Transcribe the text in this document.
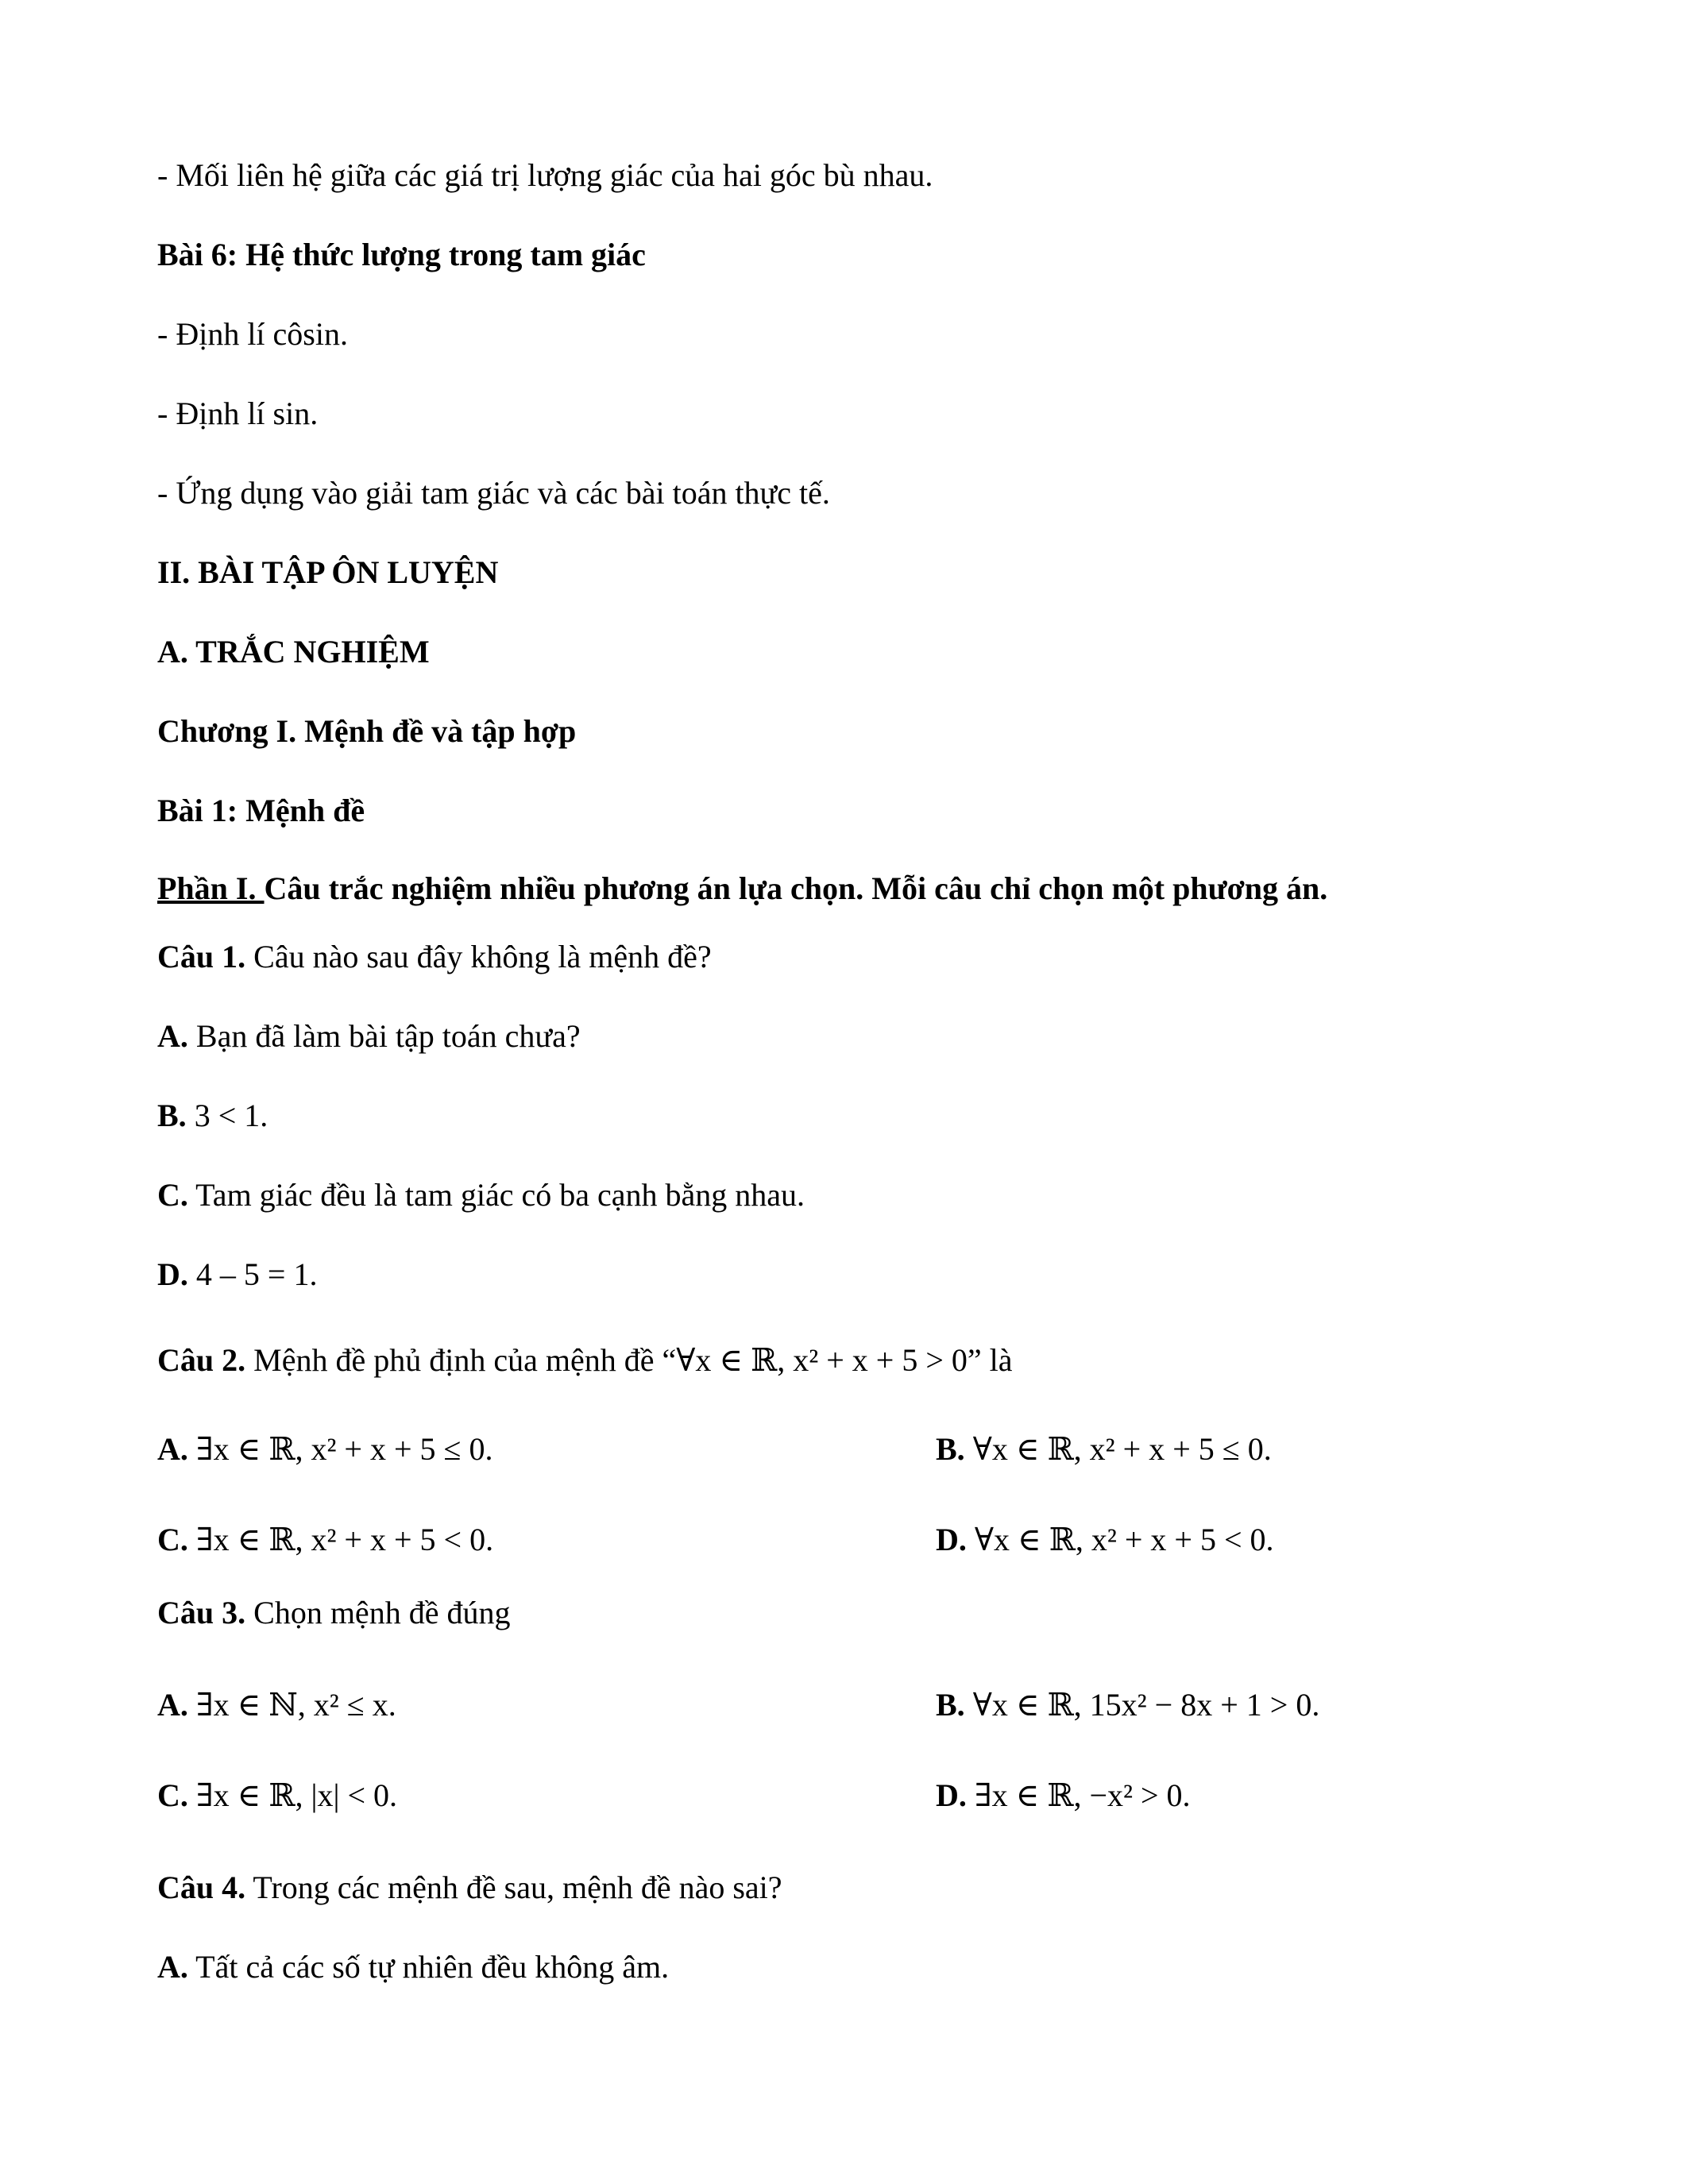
- Mối liên hệ giữa các giá trị lượng giác của hai góc bù nhau.
Bài 6: Hệ thức lượng trong tam giác
- Định lí côsin.
- Định lí sin.
- Ứng dụng vào giải tam giác và các bài toán thực tế.
II. BÀI TẬP ÔN LUYỆN
A. TRẮC NGHIỆM
Chương I. Mệnh đề và tập hợp
Bài 1: Mệnh đề
Phần I. Câu trắc nghiệm nhiều phương án lựa chọn. Mỗi câu chỉ chọn một phương án.
Câu 1. Câu nào sau đây không là mệnh đề?
A. Bạn đã làm bài tập toán chưa?
B. 3 < 1.
C. Tam giác đều là tam giác có ba cạnh bằng nhau.
D. 4 – 5 = 1.
Câu 2. Mệnh đề phủ định của mệnh đề “∀x ∈ ℝ, x² + x + 5 > 0” là
A. ∃x ∈ ℝ, x² + x + 5 ≤ 0.	B. ∀x ∈ ℝ, x² + x + 5 ≤ 0.
C. ∃x ∈ ℝ, x² + x + 5 < 0.	D. ∀x ∈ ℝ, x² + x + 5 < 0.
Câu 3. Chọn mệnh đề đúng
A. ∃x ∈ ℕ, x² ≤ x.	B. ∀x ∈ ℝ, 15x² − 8x + 1 > 0.
C. ∃x ∈ ℝ, |x| < 0.	D. ∃x ∈ ℝ, −x² > 0.
Câu 4. Trong các mệnh đề sau, mệnh đề nào sai?
A. Tất cả các số tự nhiên đều không âm.
